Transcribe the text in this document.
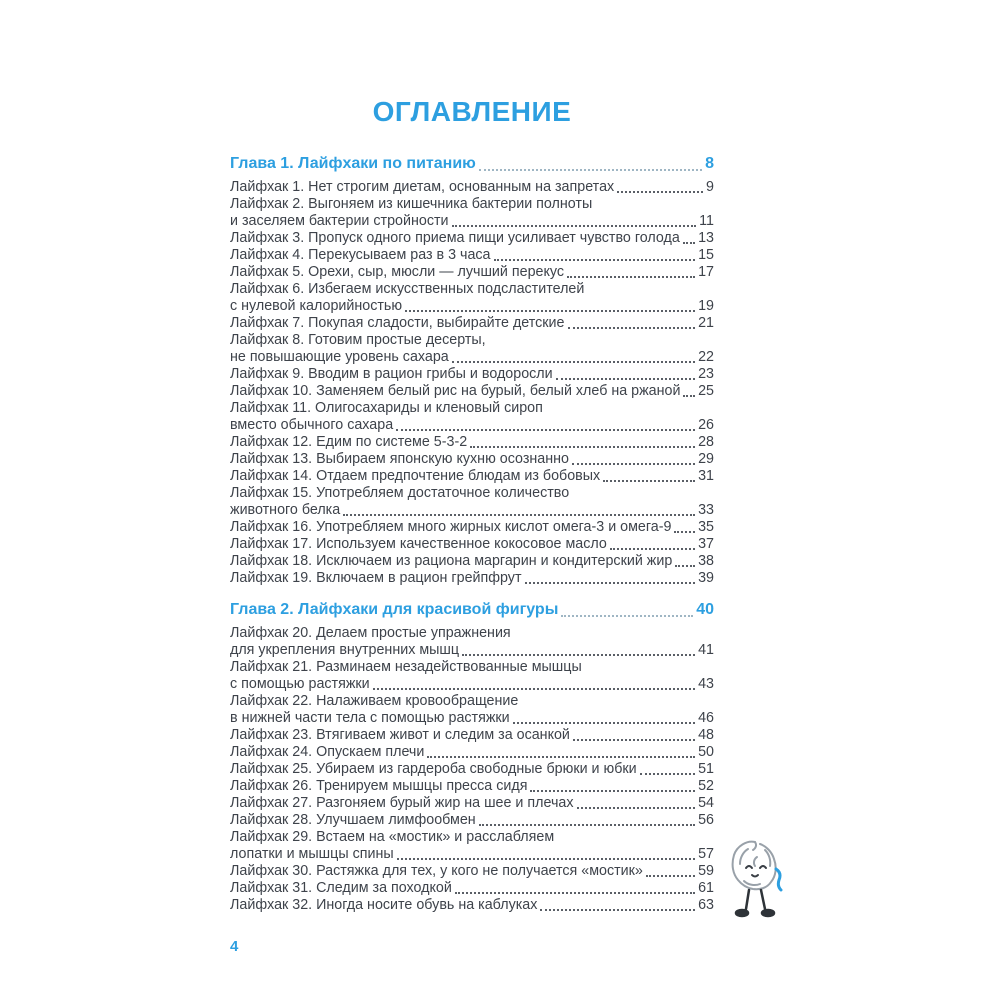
ОГЛАВЛЕНИЕ
Глава 1. Лайфхаки по питанию	8
Лайфхак 1. Нет строгим диетам, основанным на запретах	9
Лайфхак 2. Выгоняем из кишечника бактерии полноты
и заселяем бактерии стройности	11
Лайфхак 3. Пропуск одного приема пищи усиливает чувство голода 13
Лайфхак 4. Перекусываем раз в 3 часа	15
Лайфхак 5. Орехи, сыр, мюсли — лучший перекус	17
Лайфхак 6. Избегаем искусственных подсластителей
с нулевой калорийностью	19
Лайфхак 7. Покупая сладости, выбирайте детские	21
Лайфхак 8. Готовим простые десерты,
не повышающие уровень сахара	22
Лайфхак 9. Вводим в рацион грибы и водоросли	23
Лайфхак 10. Заменяем белый рис на бурый, белый хлеб на ржаной 25
Лайфхак 11. Олигосахариды и кленовый сироп
вместо обычного сахара	26
Лайфхак 12. Едим по системе 5-3-2	28
Лайфхак 13. Выбираем японскую кухню осознанно	29
Лайфхак 14. Отдаем предпочтение блюдам из бобовых	31
Лайфхак 15. Употребляем достаточное количество
животного белка	33
Лайфхак 16. Употребляем много жирных кислот омега-3 и омега-9 35
Лайфхак 17. Используем качественное кокосовое масло	37
Лайфхак 18. Исключаем из рациона маргарин и кондитерский жир 38
Лайфхак 19. Включаем в рацион грейпфрут	39
Глава 2. Лайфхаки для красивой фигуры	40
Лайфхак 20. Делаем простые упражнения
для укрепления внутренних мышц	41
Лайфхак 21. Разминаем незадействованные мышцы
с помощью растяжки	43
Лайфхак 22. Налаживаем кровообращение
в нижней части тела с помощью растяжки	46
Лайфхак 23. Втягиваем живот и следим за осанкой	48
Лайфхак 24. Опускаем плечи	50
Лайфхак 25. Убираем из гардероба свободные брюки и юбки	51
Лайфхак 26. Тренируем мышцы пресса сидя	52
Лайфхак 27. Разгоняем бурый жир на шее и плечах	54
Лайфхак 28. Улучшаем лимфообмен	56
Лайфхак 29. Встаем на «мостик» и расслабляем
лопатки и мышцы спины	57
Лайфхак 30. Растяжка для тех, у кого не получается «мостик»	59
Лайфхак 31. Следим за походкой	61
Лайфхак 32. Иногда носите обувь на каблуках	63
4
